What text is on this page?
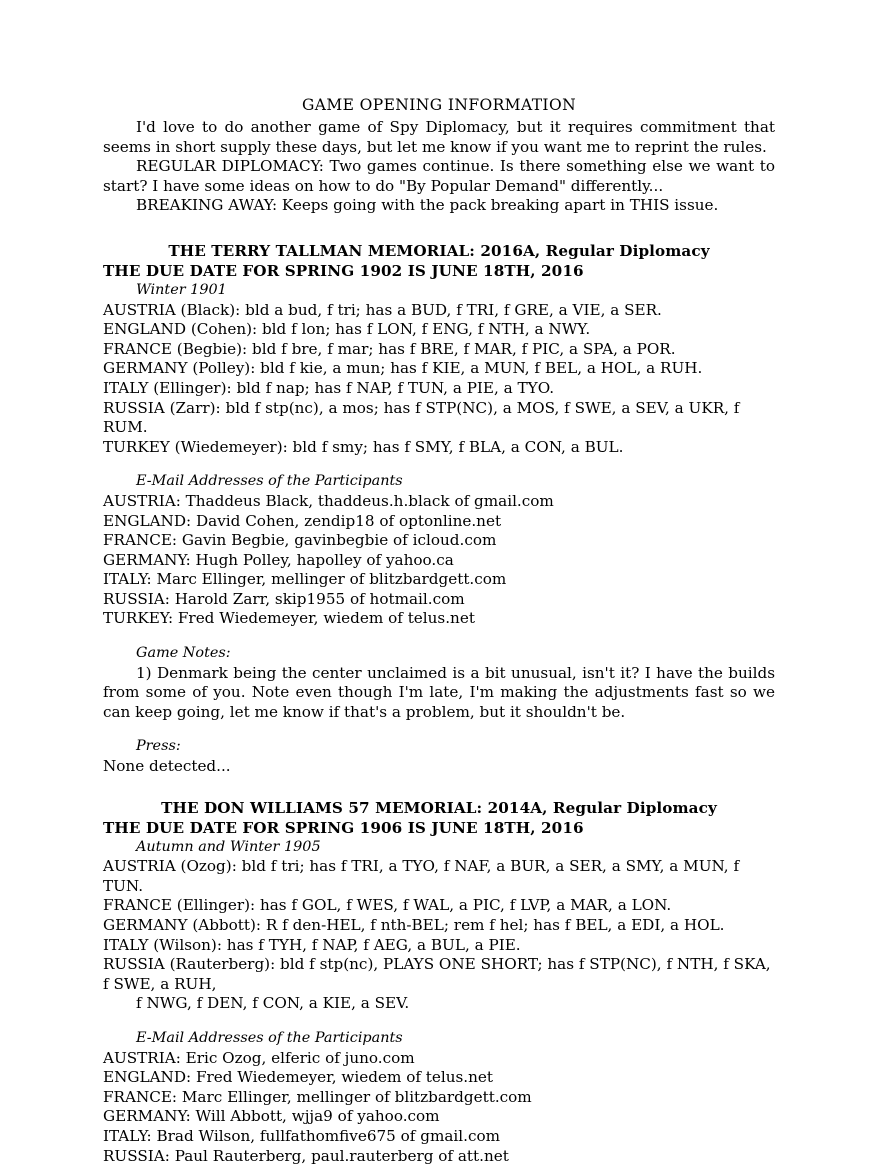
GAME OPENING INFORMATION

I'd love to do another game of Spy Diplomacy, but it requires commitment that seems in short supply these days, but let me know if you want me to reprint the rules.

REGULAR DIPLOMACY: Two games continue. Is there something else we want to start? I have some ideas on how to do "By Popular Demand" differently...

BREAKING AWAY: Keeps going with the pack breaking apart in THIS issue.

THE TERRY TALLMAN MEMORIAL: 2016A, Regular Diplomacy
THE DUE DATE FOR SPRING 1902 IS JUNE 18TH, 2016
Winter 1901
AUSTRIA (Black): bld a bud, f tri; has a BUD, f TRI, f GRE, a VIE, a SER.
ENGLAND (Cohen): bld f lon; has f LON, f ENG, f NTH, a NWY.
FRANCE (Begbie): bld f bre, f mar; has f BRE, f MAR, f PIC, a SPA, a POR.
GERMANY (Polley): bld f kie, a mun; has f KIE, a MUN, f BEL, a HOL, a RUH.
ITALY (Ellinger): bld f nap; has f NAP, f TUN, a PIE, a TYO.
RUSSIA (Zarr): bld f stp(nc), a mos; has f STP(NC), a MOS, f SWE, a SEV, a UKR, f RUM.
TURKEY (Wiedemeyer): bld f smy; has f SMY, f BLA, a CON, a BUL.
E-Mail Addresses of the Participants
AUSTRIA: Thaddeus Black, thaddeus.h.black of gmail.com
ENGLAND: David Cohen, zendip18 of optonline.net
FRANCE: Gavin Begbie, gavinbegbie of icloud.com
GERMANY: Hugh Polley, hapolley of yahoo.ca
ITALY: Marc Ellinger, mellinger of blitzbardgett.com
RUSSIA: Harold Zarr, skip1955 of hotmail.com
TURKEY: Fred Wiedemeyer, wiedem of telus.net
Game Notes:

1) Denmark being the center unclaimed is a bit unusual, isn't it? I have the builds from some of you. Note even though I'm late, I'm making the adjustments fast so we can keep going, let me know if that's a problem, but it shouldn't be.

Press:
None detected...
THE DON WILLIAMS 57 MEMORIAL: 2014A, Regular Diplomacy
THE DUE DATE FOR SPRING 1906 IS JUNE 18TH, 2016
Autumn and Winter 1905
AUSTRIA (Ozog): bld f tri; has f TRI, a TYO, f NAF, a BUR, a SER, a SMY, a MUN, f TUN.
FRANCE (Ellinger): has f GOL, f WES, f WAL, a PIC, f LVP, a MAR, a LON.
GERMANY (Abbott): R f den-HEL, f nth-BEL; rem f hel; has f BEL, a EDI, a HOL.
ITALY (Wilson): has f TYH, f NAP, f AEG, a BUL, a PIE.
RUSSIA (Rauterberg): bld f stp(nc), PLAYS ONE SHORT; has f STP(NC), f NTH, f SKA, f SWE, a RUH,
f NWG, f DEN, f CON, a KIE, a SEV.
E-Mail Addresses of the Participants
AUSTRIA: Eric Ozog, elferic of juno.com
ENGLAND: Fred Wiedemeyer, wiedem of telus.net
FRANCE: Marc Ellinger, mellinger of blitzbardgett.com
GERMANY: Will Abbott, wjja9 of yahoo.com
ITALY: Brad Wilson, fullfathomfive675 of gmail.com
RUSSIA: Paul Rauterberg, paul.rauterberg of att.net
